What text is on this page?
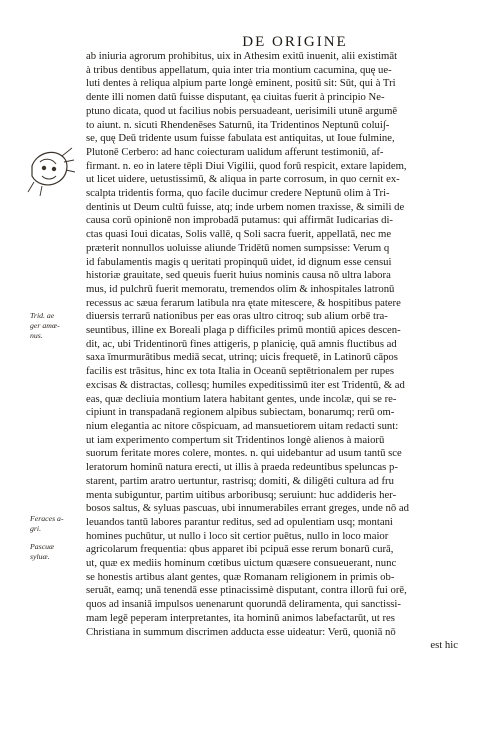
DE ORIGINE
ab iniuria agrorum prohibitus, uix in Athesim exitū inuenit, alii existimāt
à tribus dentibus appellatum, quia inter tria montium cacumina, quę ue-
luti dentes à reliqua alpium parte longè eminent, positū sit: Sūt, qui à Tri
dente illi nomen datū fuisse disputant, ęa ciuitas fuerit à principio Ne-
ptuno dicata, quod ut facilius nobis persuadeant, uerisimili utunē argumē
to aiunt. n. sicuti Rhendenēses Saturnū, ita Tridentinos Neptunū colui∫-
se, quę Deū tridente usum fuisse fabulata est antiquitas, ut Ioue fulmine,
Plutonē Cerbero: ad hanc coiecturam ualidum afferunt testimoniū, af-
firmant. n. eo in latere tēpli Diui Vigilii, quod forū respicit, extare lapidem,
ut licet uidere, uetustissimū, & aliqua in parte corrosum, in quo cernit ex-
scalpta tridentis forma, quo facile ducimur credere Neptunū olim à Tri-
dentinis ut Deum cultū fuisse, atq; inde urbem nomen traxisse, & simili de
causa corū opinionē non improbadā putamus: qui affirmāt Iudicarias di-
ctas quasi Ioui dicatas, Solis vallē, q Soli sacra fuerit, appellatā, nec me
præterit nonnullos uoluisse aliunde Tridētū nomen sumpsisse: Verum q
id fabulamentis magis q ueritati propinquū uidet, id dignum esse censui
historiæ grauitate, sed queuis fuerit huius nominis causa nō ultra labora
mus, id pulchrū fuerit memoratu, tremendos olim & inhospitales latronū
recessus ac sæua ferarum latibula nra ętate mitescere, & hospitibus patere
diuersis terrarū nationibus per eas oras ultro citroq; sub alium orbē tra-
seuntibus, illine ex Boreali plaga p difficiles primū montiū apices descen-
dit, ac, ubi Tridentinorū fines attigeris, p planicię, quā amnis fluctibus ad
saxa īmurmurātibus mediā secat, utrinq; uicis frequetē, in Latinorū cāpos
facilis est trāsitus, hinc ex tota Italia in Oceanū septētrionalem per rupes
excisas & distractas, collesq; humiles expeditissimū iter est Tridentū, & ad
eas, quæ decliuia montium latera habitant gentes, unde incolæ, qui se re-
cipiunt in transpadanā regionem alpibus subiectam, bonarumq; rerū om-
nium elegantia ac nitore cōspicuam, ad mansuetiorem uitam redacti sunt:
ut iam experimento compertum sit Tridentinos longè alienos à maiorū
suorum feritate mores colere, montes. n. qui uidebantur ad usum tantū sce
leratorum hominū natura erecti, ut illis à praeda redeuntibus speluncas p-
starent, partim aratro uertuntur, rastrisq; domiti, & diligēti cultura ad fru
menta subiguntur, partim uitibus arboribusq; seruiunt: huc addideris her-
bosos saltus, & syluas pascuas, ubi innumerabiles errant greges, unde nō ad
leuandos tantū labores parantur reditus, sed ad opulentiam usq; montani
homines puchūtur, ut nullo i loco sit certior puētus, nullo in loco maior
agricolarum frequentia: qbus apparet ibi pcipuā esse rerum bonarū curā,
ut, quæ ex mediis hominum cœtibus uictum quæsere consueuerant, nunc
se honestis artibus alant gentes, quæ Romanam religionem in primis ob-
seruāt, eamq; unā tenendā esse ptinacissimè disputant, contra illorū fui orē,
quos ad insaniā impulsos uenenarunt quorundā deliramenta, qui sanctissi-
mam legē peperam interpretantes, ita hominū animos labefactarūt, ut res
Christiana in summum discrimen adducta esse uideatur: Verū, quoniā nō
est hic
Trid. ae
ger amœ-
nus.
Feraces a-
gri.
Pascuæ
syluæ.
